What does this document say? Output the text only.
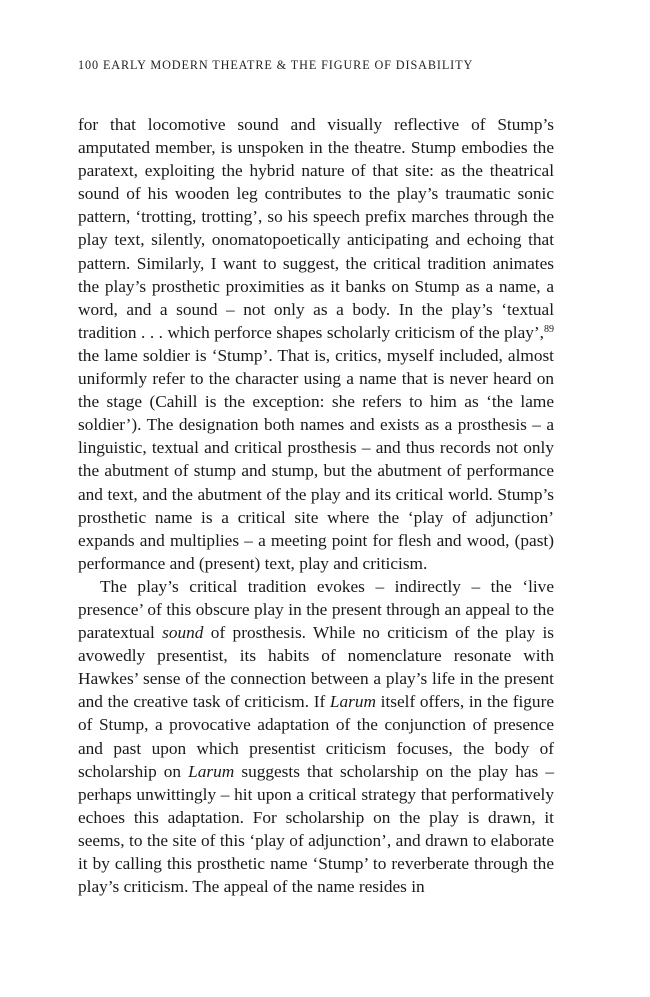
100 EARLY MODERN THEATRE & THE FIGURE OF DISABILITY

for that locomotive sound and visually reflective of Stump’s amputated member, is unspoken in the theatre. Stump embodies the paratext, exploiting the hybrid nature of that site: as the theatrical sound of his wooden leg contributes to the play’s traumatic sonic pattern, ‘trotting, trotting’, so his speech prefix marches through the play text, silently, onomatopoetically anticipating and echoing that pattern. Similarly, I want to suggest, the critical tradition animates the play’s prosthetic proximities as it banks on Stump as a name, a word, and a sound – not only as a body. In the play’s ‘textual tradition . . . which perforce shapes scholarly criticism of the play’,$^{89}$ the lame soldier is ‘Stump’. That is, critics, myself included, almost uniformly refer to the character using a name that is never heard on the stage (Cahill is the exception: she refers to him as ‘the lame soldier’). The designation both names and exists as a prosthesis – a linguistic, textual and critical prosthesis – and thus records not only the abutment of stump and stump, but the abutment of performance and text, and the abutment of the play and its critical world. Stump’s prosthetic name is a critical site where the ‘play of adjunction’ expands and multiplies – a meeting point for flesh and wood, (past) performance and (present) text, play and criticism.

The play’s critical tradition evokes – indirectly – the ‘live presence’ of this obscure play in the present through an appeal to the paratextual sound of prosthesis. While no criticism of the play is avowedly presentist, its habits of nomenclature resonate with Hawkes’ sense of the connection between a play’s life in the present and the creative task of criticism. If Larum itself offers, in the figure of Stump, a provocative adaptation of the conjunction of presence and past upon which presentist criticism focuses, the body of scholarship on Larum suggests that scholarship on the play has – perhaps unwittingly – hit upon a critical strategy that performatively echoes this adaptation. For scholarship on the play is drawn, it seems, to the site of this ‘play of adjunction’, and drawn to elaborate it by calling this prosthetic name ‘Stump’ to reverberate through the play’s criticism. The appeal of the name resides in
